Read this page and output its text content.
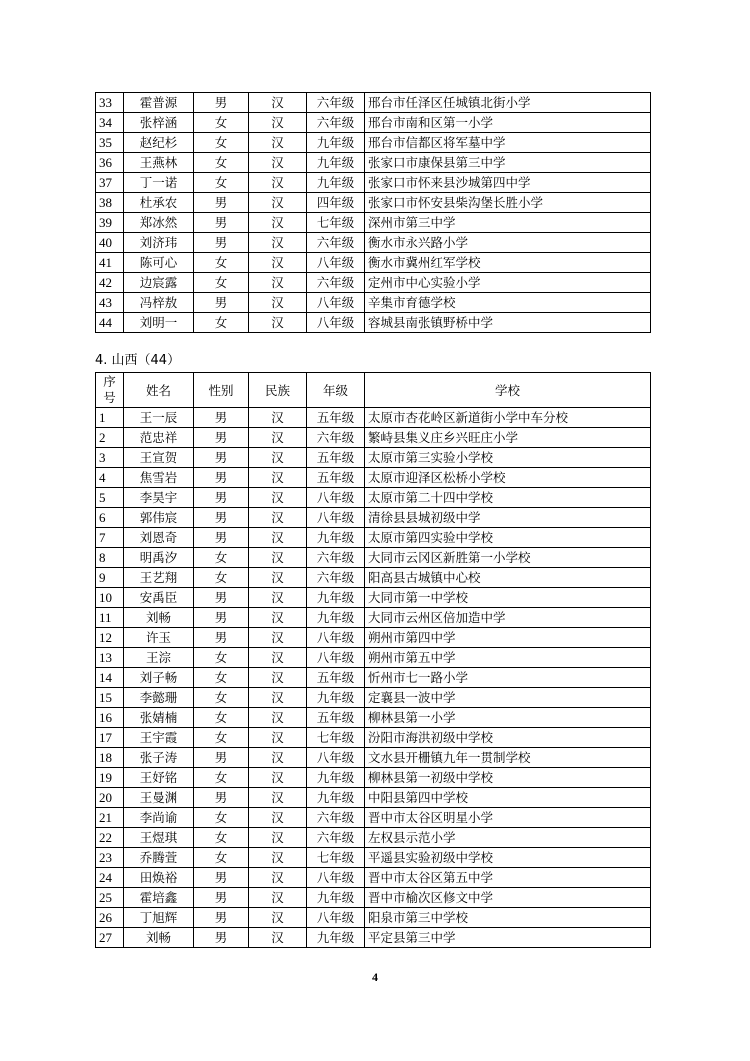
33	霍普源	男	汉	六年级	邢台市任泽区任城镇北街小学
34	张梓涵	女	汉	六年级	邢台市南和区第一小学
35	赵纪杉	女	汉	九年级	邢台市信都区将军墓中学
36	王燕林	女	汉	九年级	张家口市康保县第三中学
37	丁一诺	女	汉	九年级	张家口市怀来县沙城第四中学
38	杜承农	男	汉	四年级	张家口市怀安县柴沟堡长胜小学
39	郑冰然	男	汉	七年级	深州市第三中学
40	刘济玮	男	汉	六年级	衡水市永兴路小学
41	陈可心	女	汉	八年级	衡水市冀州红军学校
42	边宸露	女	汉	六年级	定州市中心实验小学
43	冯梓敖	男	汉	八年级	辛集市育德学校
44	刘明一	女	汉	八年级	容城县南张镇野桥中学
4. 山西（44）
序
号	姓名	性别	民族	年级	学校
1	王一辰	男	汉	五年级	太原市杏花岭区新道街小学中车分校
2	范忠祥	男	汉	六年级	繁峙县集义庄乡兴旺庄小学
3	王宣贺	男	汉	五年级	太原市第三实验小学校
4	焦雪岩	男	汉	五年级	太原市迎泽区松桥小学校
5	李昊宇	男	汉	八年级	太原市第二十四中学校
6	郭伟宸	男	汉	八年级	清徐县县城初级中学
7	刘恩奇	男	汉	九年级	太原市第四实验中学校
8	明禹汐	女	汉	六年级	大同市云冈区新胜第一小学校
9	王艺翔	女	汉	六年级	阳高县古城镇中心校
10	安禹臣	男	汉	九年级	大同市第一中学校
11	刘畅	男	汉	九年级	大同市云州区倍加造中学
12	许玉	男	汉	八年级	朔州市第四中学
13	王淙	女	汉	八年级	朔州市第五中学
14	刘子畅	女	汉	五年级	忻州市七一路小学
15	李懿珊	女	汉	九年级	定襄县一波中学
16	张婧楠	女	汉	五年级	柳林县第一小学
17	王宇霞	女	汉	七年级	汾阳市海洪初级中学校
18	张子涛	男	汉	八年级	文水县开栅镇九年一贯制学校
19	王妤铭	女	汉	九年级	柳林县第一初级中学校
20	王曼渊	男	汉	九年级	中阳县第四中学校
21	李尚谕	女	汉	六年级	晋中市太谷区明星小学
22	王煜琪	女	汉	六年级	左权县示范小学
23	乔腾萱	女	汉	七年级	平遥县实验初级中学校
24	田焕裕	男	汉	八年级	晋中市太谷区第五中学
25	霍培鑫	男	汉	九年级	晋中市榆次区修文中学
26	丁旭辉	男	汉	八年级	阳泉市第三中学校
27	刘畅	男	汉	九年级	平定县第三中学
4
